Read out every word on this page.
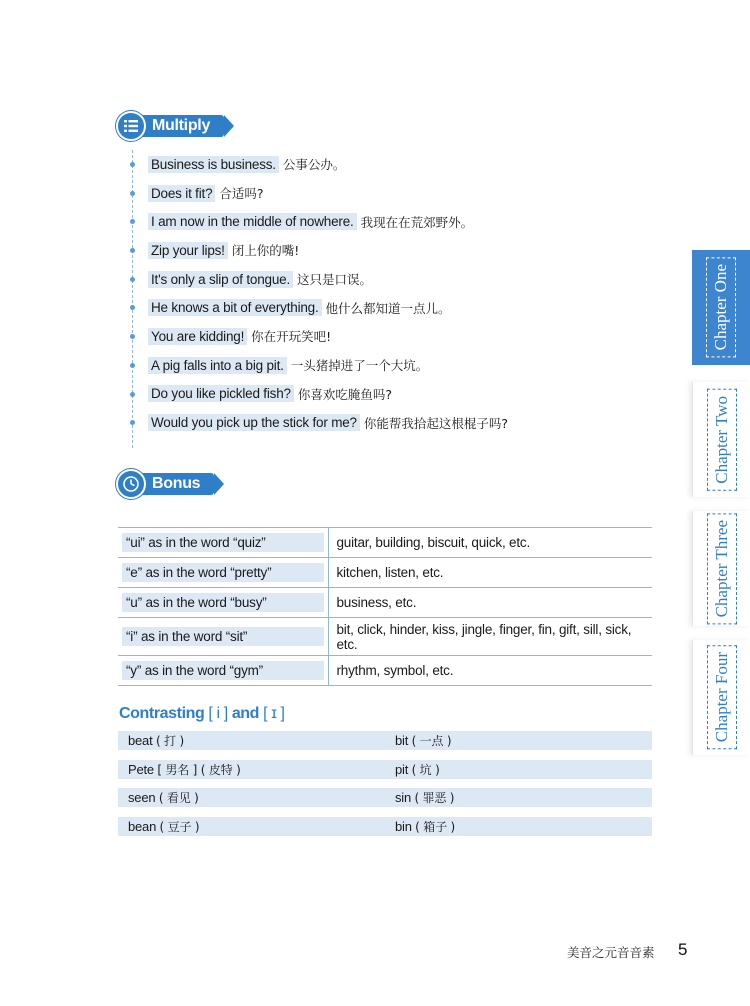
Multiply
Business is business. 公事公办。
Does it fit? 合适吗?
I am now in the middle of nowhere. 我现在在荒郊野外。
Zip your lips! 闭上你的嘴!
It's only a slip of tongue. 这只是口误。
He knows a bit of everything. 他什么都知道一点儿。
You are kidding! 你在开玩笑吧!
A pig falls into a big pit. 一头猪掉进了一个大坑。
Do you like pickled fish? 你喜欢吃腌鱼吗?
Would you pick up the stick for me? 你能帮我拾起这根棍子吗?
Bonus
“ui” as in the word “quiz”	guitar, building, biscuit, quick, etc.

“e” as in the word “pretty”	kitchen, listen, etc.

“u” as in the word “busy”	business, etc.

“i” as in the word “sit”	bit, click, hinder, kiss, jingle, finger, fin, gift, sill, sick, etc.

“y” as in the word “gym”	rhythm, symbol, etc.
Contrasting [ i ] and [ ɪ ]
beat ( 打 )	bit ( 一点 )
Pete [ 男名 ] ( 皮特 )	pit ( 坑 )
seen ( 看见 )	sin ( 罪恶 )
bean ( 豆子 )	bin ( 箱子 )
Chapter One
Chapter Two
Chapter Three
Chapter Four
美音之元音音素 5
